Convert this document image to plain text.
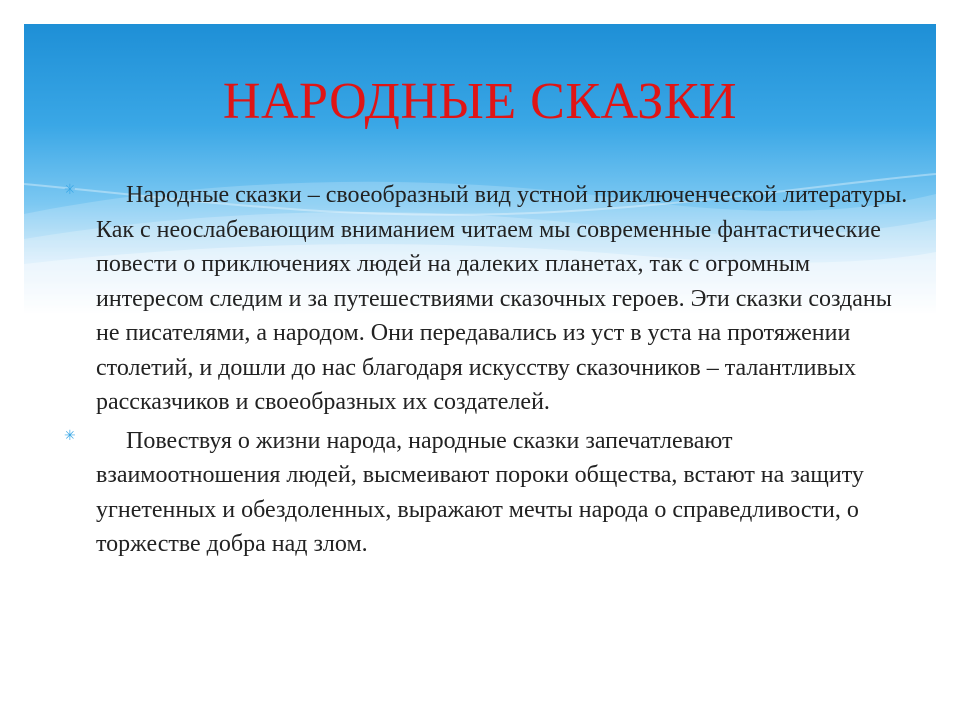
НАРОДНЫЕ СКАЗКИ
✳	Народные сказки – своеобразный вид устной приключенческой литературы. Как с неослабевающим вниманием читаем мы современные фантастические повести о приключениях людей на далеких планетах, так с огромным интересом следим и за путешествиями сказочных героев. Эти сказки созданы не писателями, а народом. Они передавались из уст в уста на протяжении столетий, и дошли до нас благодаря искусству сказочников – талантливых рассказчиков и своеобразных их создателей.

✳	Повествуя о жизни народа, народные сказки запечатлевают взаимоотношения людей, высмеивают пороки общества, встают на защиту угнетенных и обездоленных, выражают мечты народа о справедливости, о торжестве добра над злом.
